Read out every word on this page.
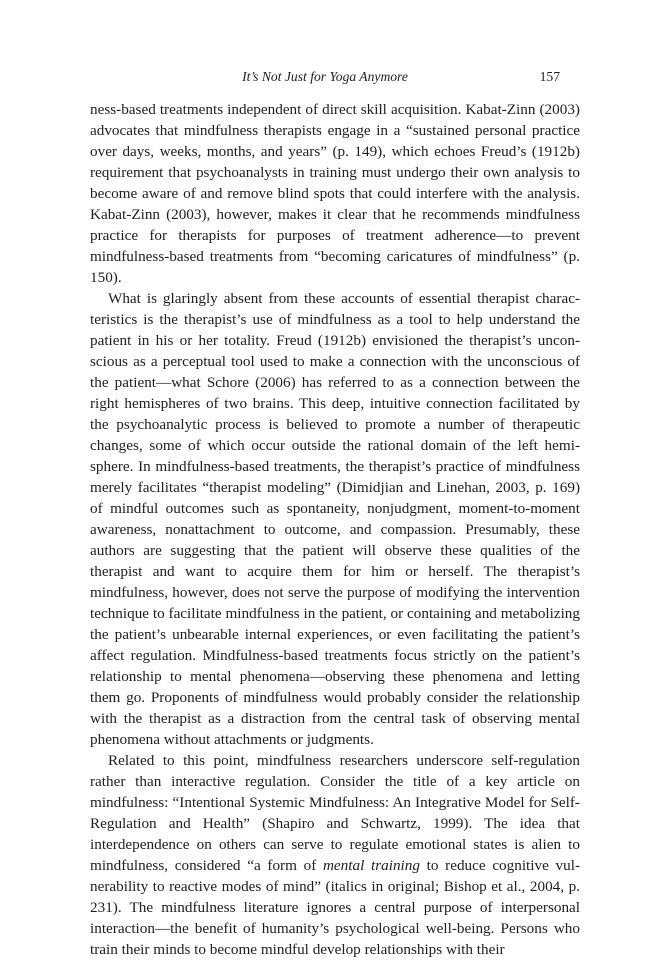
It’s Not Just for Yoga Anymore	157

ness-based treatments independent of direct skill acquisition. Kabat-Zinn (2003) advocates that mindfulness therapists engage in a “sustained personal practice over days, weeks, months, and years” (p. 149), which echoes Freud’s (1912b) requirement that psychoanalysts in training must undergo their own analysis to become aware of and remove blind spots that could interfere with the analysis. Kabat-Zinn (2003), however, makes it clear that he recommends mindfulness practice for therapists for purposes of treatment adherence—to prevent mindfulness-based treatments from “becoming caricatures of mindfulness” (p. 150).

What is glaringly absent from these accounts of essential therapist characteristics is the therapist’s use of mindfulness as a tool to help understand the patient in his or her totality. Freud (1912b) envisioned the therapist’s unconscious as a perceptual tool used to make a connection with the unconscious of the patient—what Schore (2006) has referred to as a connection between the right hemispheres of two brains. This deep, intuitive connection facilitated by the psychoanalytic process is believed to promote a number of therapeutic changes, some of which occur outside the rational domain of the left hemisphere. In mindfulness-based treatments, the therapist’s practice of mindfulness merely facilitates “therapist modeling” (Dimidjian and Linehan, 2003, p. 169) of mindful outcomes such as spontaneity, nonjudgment, moment-to-moment awareness, nonattachment to outcome, and compassion. Presumably, these authors are suggesting that the patient will observe these qualities of the therapist and want to acquire them for him or herself. The therapist’s mindfulness, however, does not serve the purpose of modifying the intervention technique to facilitate mindfulness in the patient, or containing and metabolizing the patient’s unbearable internal experiences, or even facilitating the patient’s affect regulation. Mindfulness-based treatments focus strictly on the patient’s relationship to mental phenomena—observing these phenomena and letting them go. Proponents of mindfulness would probably consider the relationship with the therapist as a distraction from the central task of observing mental phenomena without attachments or judgments.

Related to this point, mindfulness researchers underscore self-regulation rather than interactive regulation. Consider the title of a key article on mindfulness: “Intentional Systemic Mindfulness: An Integrative Model for Self-Regulation and Health” (Shapiro and Schwartz, 1999). The idea that interdependence on others can serve to regulate emotional states is alien to mindfulness, considered “a form of mental training to reduce cognitive vulnerability to reactive modes of mind” (italics in original; Bishop et al., 2004, p. 231). The mindfulness literature ignores a central purpose of interpersonal interaction—the benefit of humanity’s psychological well-being. Persons who train their minds to become mindful develop relationships with their
